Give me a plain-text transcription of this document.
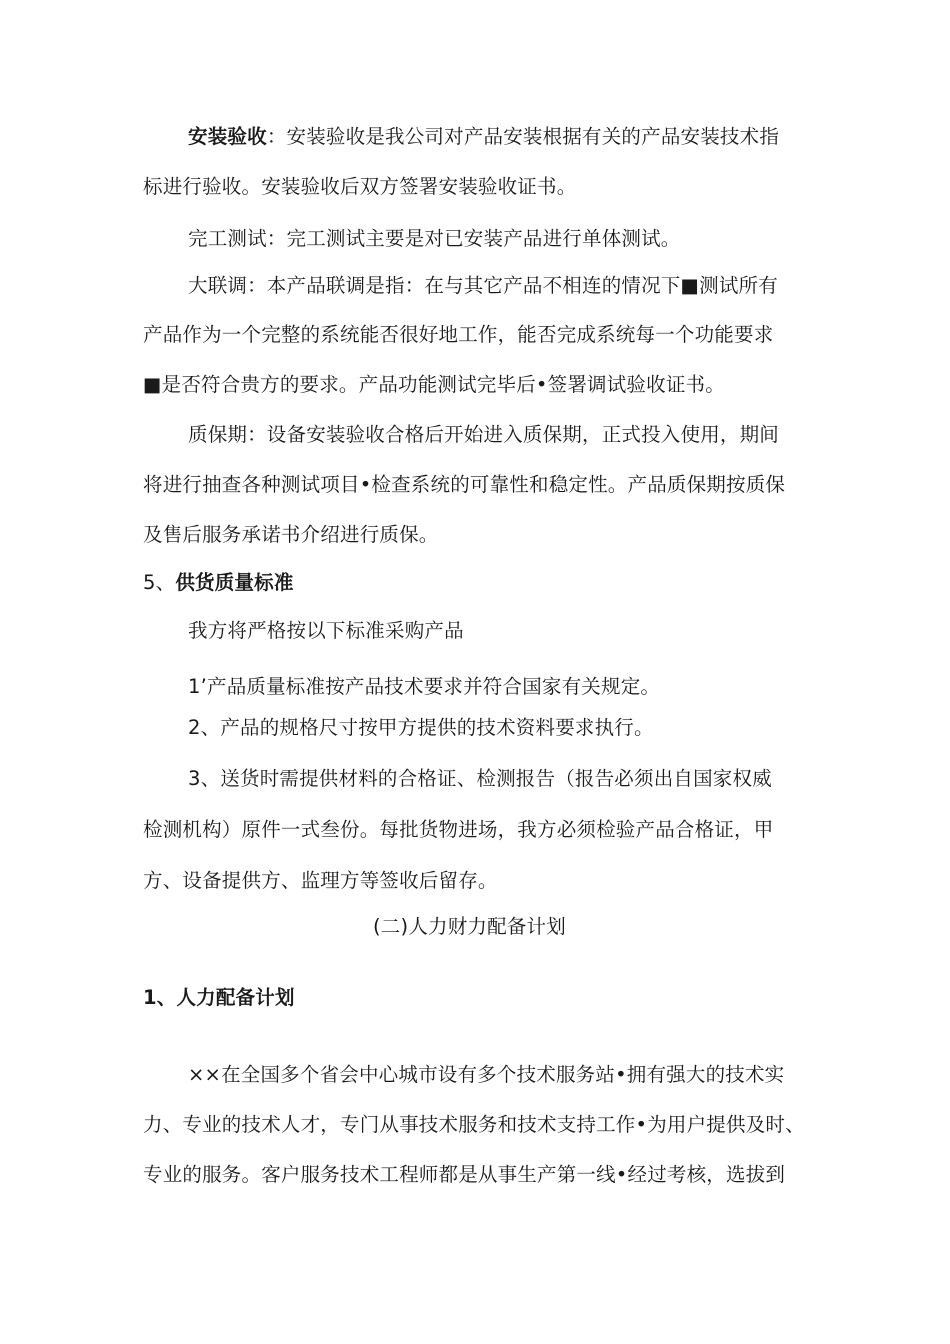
安装验收：安装验收是我公司对产品安装根据有关的产品安装技术指
标进行验收。安装验收后双方签署安装验收证书。
完工测试：完工测试主要是对已安装产品进行单体测试。
大联调：本产品联调是指：在与其它产品不相连的情况下■测试所有
产品作为一个完整的系统能否很好地工作，能否完成系统每一个功能要求
■是否符合贵方的要求。产品功能测试完毕后•签署调试验收证书。
质保期：设备安装验收合格后开始进入质保期，正式投入使用，期间
将进行抽查各种测试项目•检查系统的可靠性和稳定性。产品质保期按质保
及售后服务承诺书介绍进行质保。
5、供货质量标准
我方将严格按以下标准采购产品
1’产品质量标准按产品技术要求并符合国家有关规定。
2、产品的规格尺寸按甲方提供的技术资料要求执行。
3、送货时需提供材料的合格证、检测报告（报告必须出自国家权威
检测机构）原件一式叁份。每批货物进场，我方必须检验产品合格证，甲
方、设备提供方、监理方等签收后留存。
(二)人力财力配备计划
1、人力配备计划
××在全国多个省会中心城市设有多个技术服务站•拥有强大的技术实
力、专业的技术人才，专门从事技术服务和技术支持工作•为用户提供及时、
专业的服务。客户服务技术工程师都是从事生产第一线•经过考核，选拔到
